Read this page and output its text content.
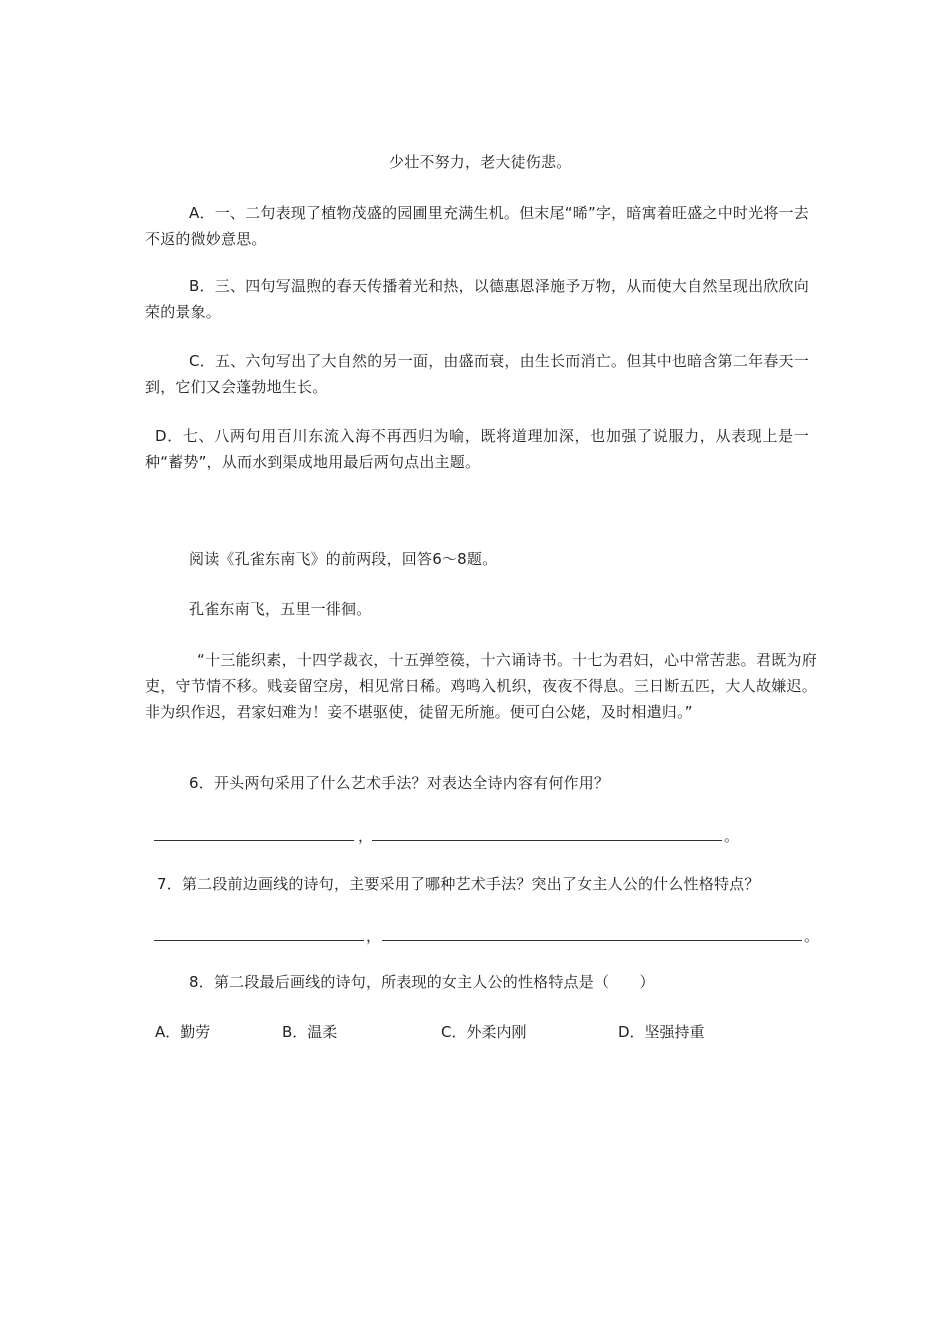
少壮不努力，老大徒伤悲。
A．一、二句表现了植物茂盛的园圃里充满生机。但末尾“晞”字，暗寓着旺盛之中时光将一去不返的微妙意思。
B．三、四句写温煦的春天传播着光和热，以德惠恩泽施予万物，从而使大自然呈现出欣欣向荣的景象。
C．五、六句写出了大自然的另一面，由盛而衰，由生长而消亡。但其中也暗含第二年春天一到，它们又会蓬勃地生长。
D．七、八两句用百川东流入海不再西归为喻，既将道理加深，也加强了说服力，从表现上是一种“蓄势”，从而水到渠成地用最后两句点出主题。
阅读《孔雀东南飞》的前两段，回答6～8题。
孔雀东南飞，五里一徘徊。
“十三能织素，十四学裁衣，十五弹箜篌，十六诵诗书。十七为君妇，心中常苦悲。君既为府吏，守节情不移。贱妾留空房，相见常日稀。鸡鸣入机织，夜夜不得息。三日断五匹，大人故嫌迟。非为织作迟，君家妇难为！妾不堪驱使，徒留无所施。便可白公姥，及时相遣归。”
6．开头两句采用了什么艺术手法？对表达全诗内容有何作用？
，	。
7．第二段前边画线的诗句，主要采用了哪种艺术手法？突出了女主人公的什么性格特点？
，	。
8．第二段最后画线的诗句，所表现的女主人公的性格特点是（　　）
A．勤劳	B．温柔	C．外柔内刚	D．坚强持重
